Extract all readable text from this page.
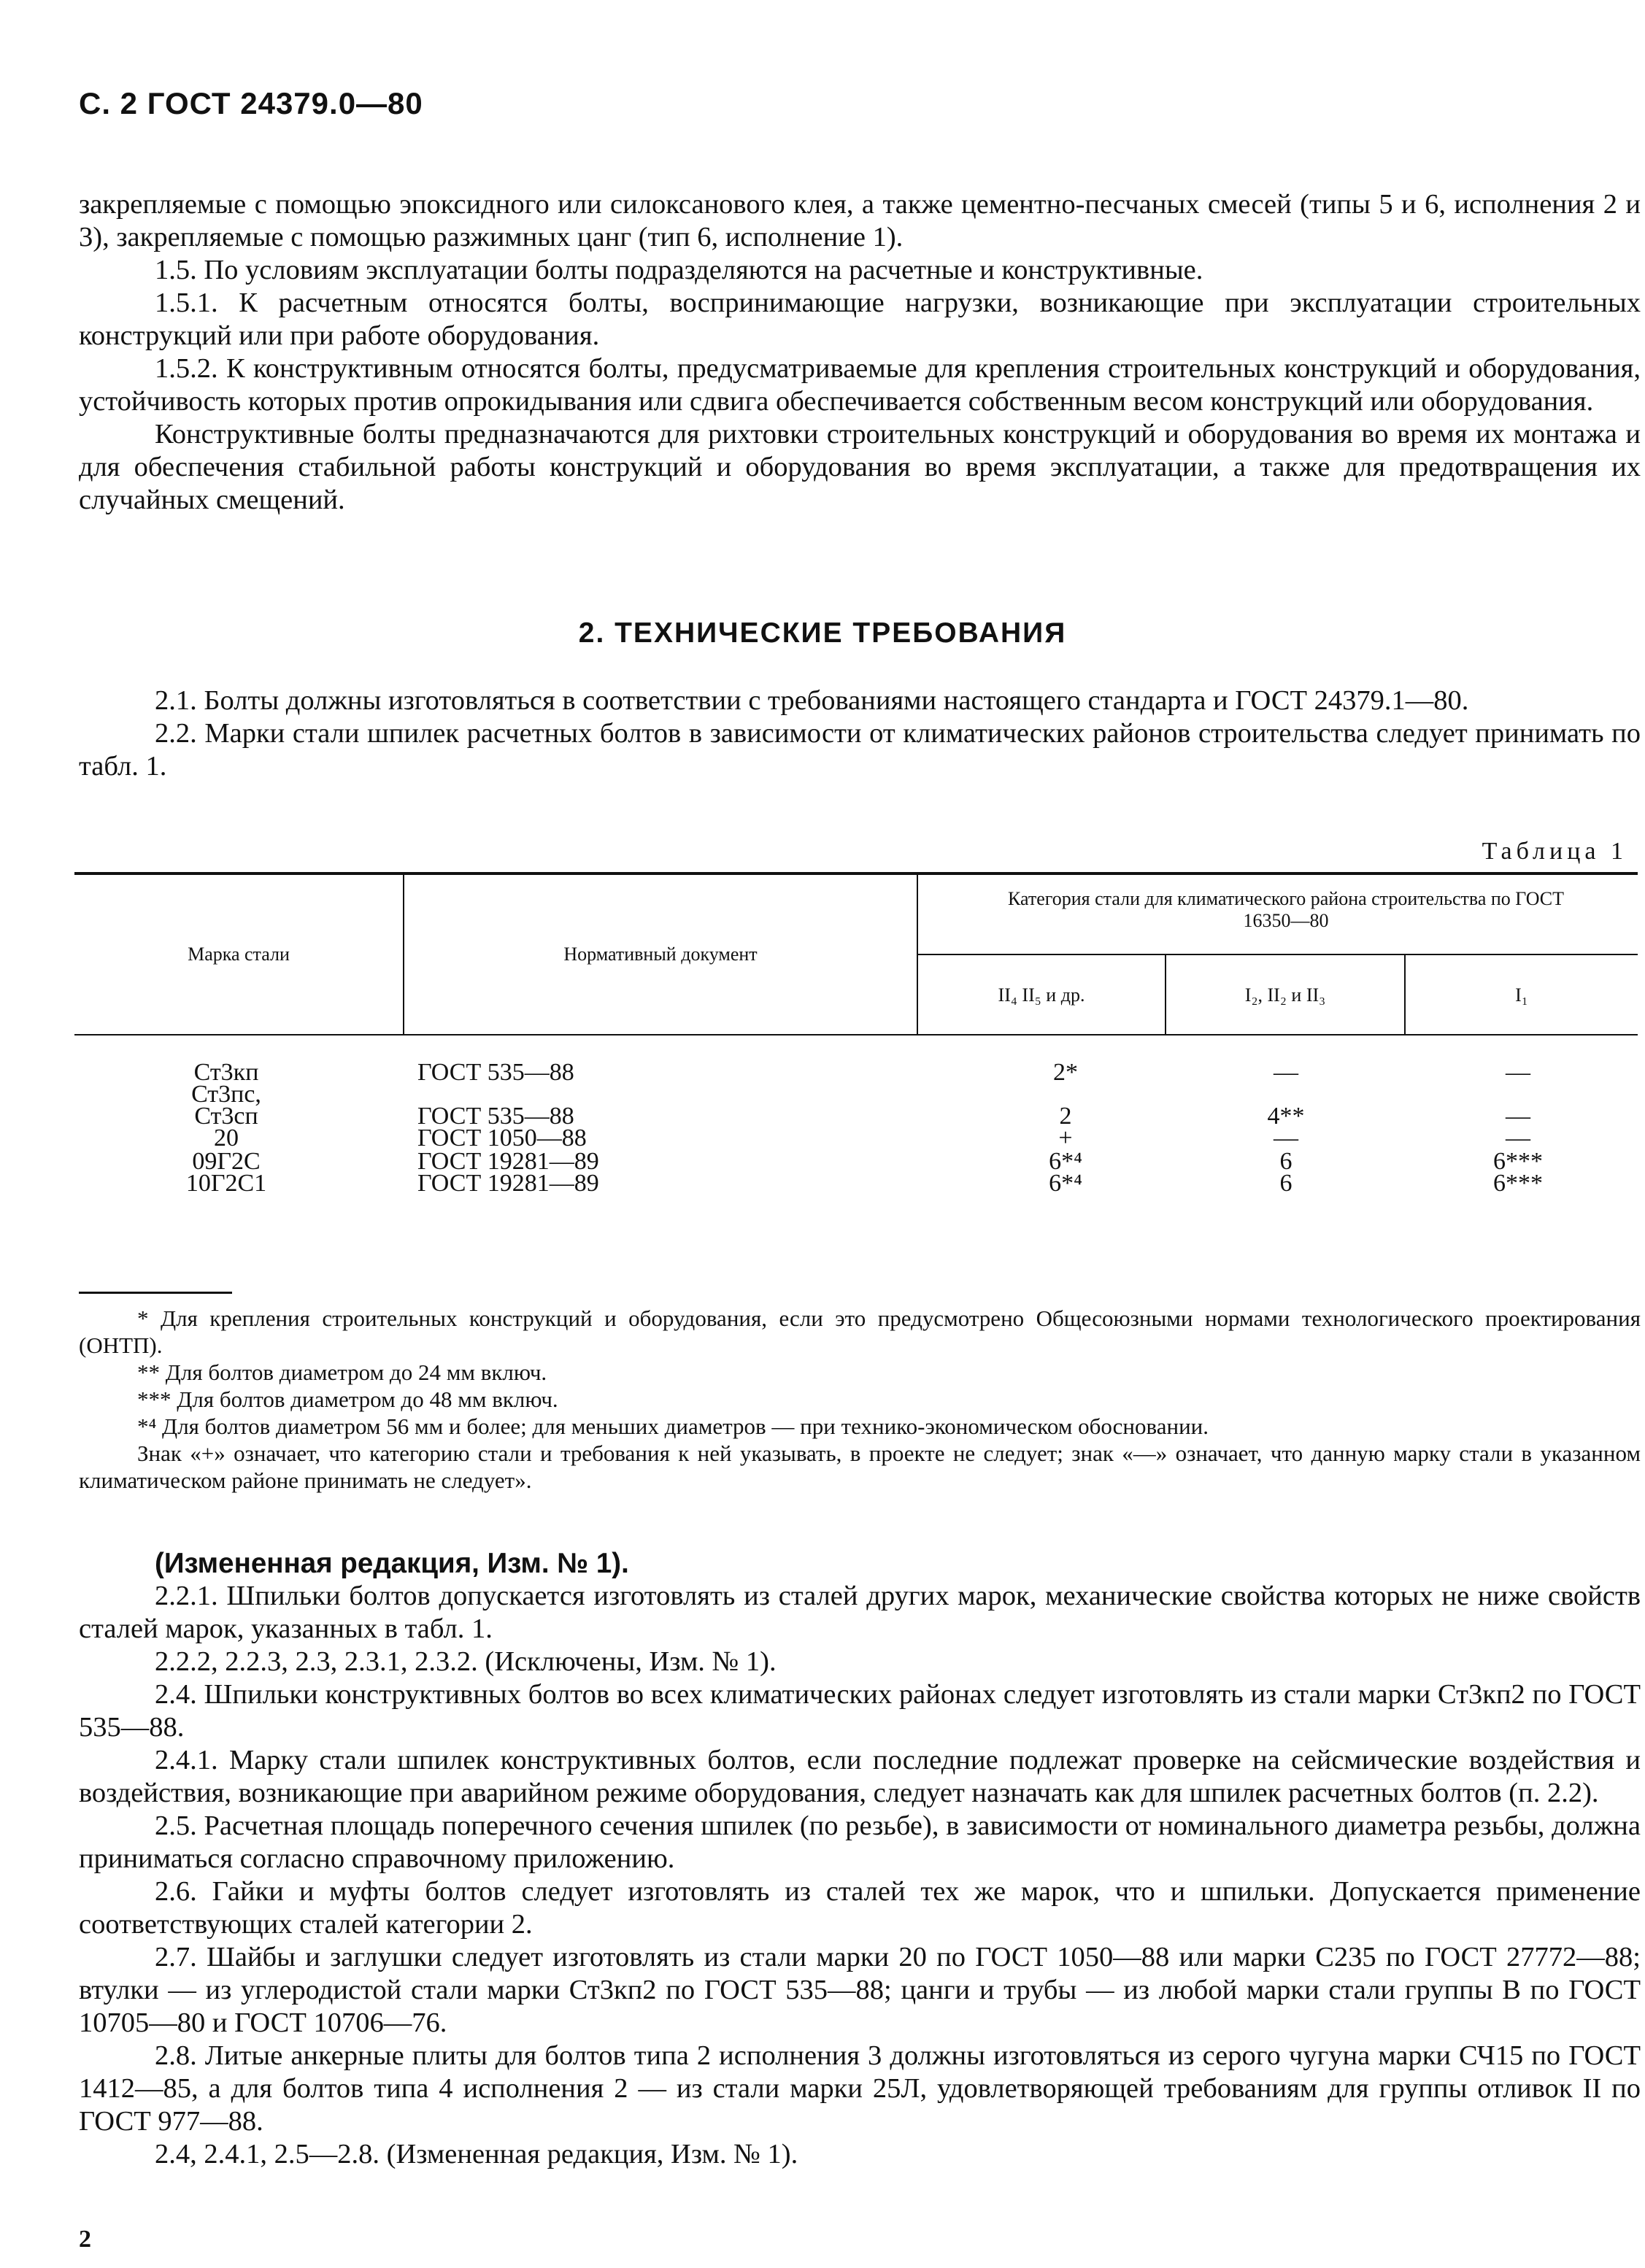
С. 2 ГОСТ 24379.0—80

закрепляемые с помощью эпоксидного или силоксанового клея, а также цементно-песчаных смесей (типы 5 и 6, исполнения 2 и 3), закрепляемые с помощью разжимных цанг (тип 6, исполнение 1).

1.5. По условиям эксплуатации болты подразделяются на расчетные и конструктивные.

1.5.1. К расчетным относятся болты, воспринимающие нагрузки, возникающие при эксплуатации строительных конструкций или при работе оборудования.

1.5.2. К конструктивным относятся болты, предусматриваемые для крепления строительных конструкций и оборудования, устойчивость которых против опрокидывания или сдвига обеспечивается собственным весом конструкций или оборудования.

Конструктивные болты предназначаются для рихтовки строительных конструкций и оборудования во время их монтажа и для обеспечения стабильной работы конструкций и оборудования во время эксплуатации, а также для предотвращения их случайных смещений.

2. ТЕХНИЧЕСКИЕ ТРЕБОВАНИЯ

2.1. Болты должны изготовляться в соответствии с требованиями настоящего стандарта и ГОСТ 24379.1—80.

2.2. Марки стали шпилек расчетных болтов в зависимости от климатических районов строительства следует принимать по табл. 1.

Таблица 1
Марка стали	Нормативный документ
Категория стали для климатического района строительства по ГОСТ 16350—80
II₄ II₅ и др.	I₂, II₂ и II₃	I₁
Ст3кп	ГОСТ 535—88	2*	—	—
Ст3пс,
Ст3сп	ГОСТ 535—88	2	4**	—
20	ГОСТ 1050—88	+	—	—
09Г2С	ГОСТ 19281—89	6*⁴	6	6***
10Г2С1	ГОСТ 19281—89	6*⁴	6	6***

* Для крепления строительных конструкций и оборудования, если это предусмотрено Общесоюзными нормами технологического проектирования (ОНТП).

** Для болтов диаметром до 24 мм включ.

*** Для болтов диаметром до 48 мм включ.

*⁴ Для болтов диаметром 56 мм и более; для меньших диаметров — при технико-экономическом обосновании.

Знак «+» означает, что категорию стали и требования к ней указывать, в проекте не следует; знак «—» означает, что данную марку стали в указанном климатическом районе принимать не следует».

(Измененная редакция, Изм. № 1).

2.2.1. Шпильки болтов допускается изготовлять из сталей других марок, механические свойства которых не ниже свойств сталей марок, указанных в табл. 1.

2.2.2, 2.2.3, 2.3, 2.3.1, 2.3.2. (Исключены, Изм. № 1).

2.4. Шпильки конструктивных болтов во всех климатических районах следует изготовлять из стали марки Ст3кп2 по ГОСТ 535—88.

2.4.1. Марку стали шпилек конструктивных болтов, если последние подлежат проверке на сейсмические воздействия и воздействия, возникающие при аварийном режиме оборудования, следует назначать как для шпилек расчетных болтов (п. 2.2).

2.5. Расчетная площадь поперечного сечения шпилек (по резьбе), в зависимости от номинального диаметра резьбы, должна приниматься согласно справочному приложению.

2.6. Гайки и муфты болтов следует изготовлять из сталей тех же марок, что и шпильки. Допускается применение соответствующих сталей категории 2.

2.7. Шайбы и заглушки следует изготовлять из стали марки 20 по ГОСТ 1050—88 или марки С235 по ГОСТ 27772—88; втулки — из углеродистой стали марки Ст3кп2 по ГОСТ 535—88; цанги и трубы — из любой марки стали группы В по ГОСТ 10705—80 и ГОСТ 10706—76.

2.8. Литые анкерные плиты для болтов типа 2 исполнения 3 должны изготовляться из серого чугуна марки СЧ15 по ГОСТ 1412—85, а для болтов типа 4 исполнения 2 — из стали марки 25Л, удовлетворяющей требованиям для группы отливок II по ГОСТ 977—88.

2.4, 2.4.1, 2.5—2.8. (Измененная редакция, Изм. № 1).

2
